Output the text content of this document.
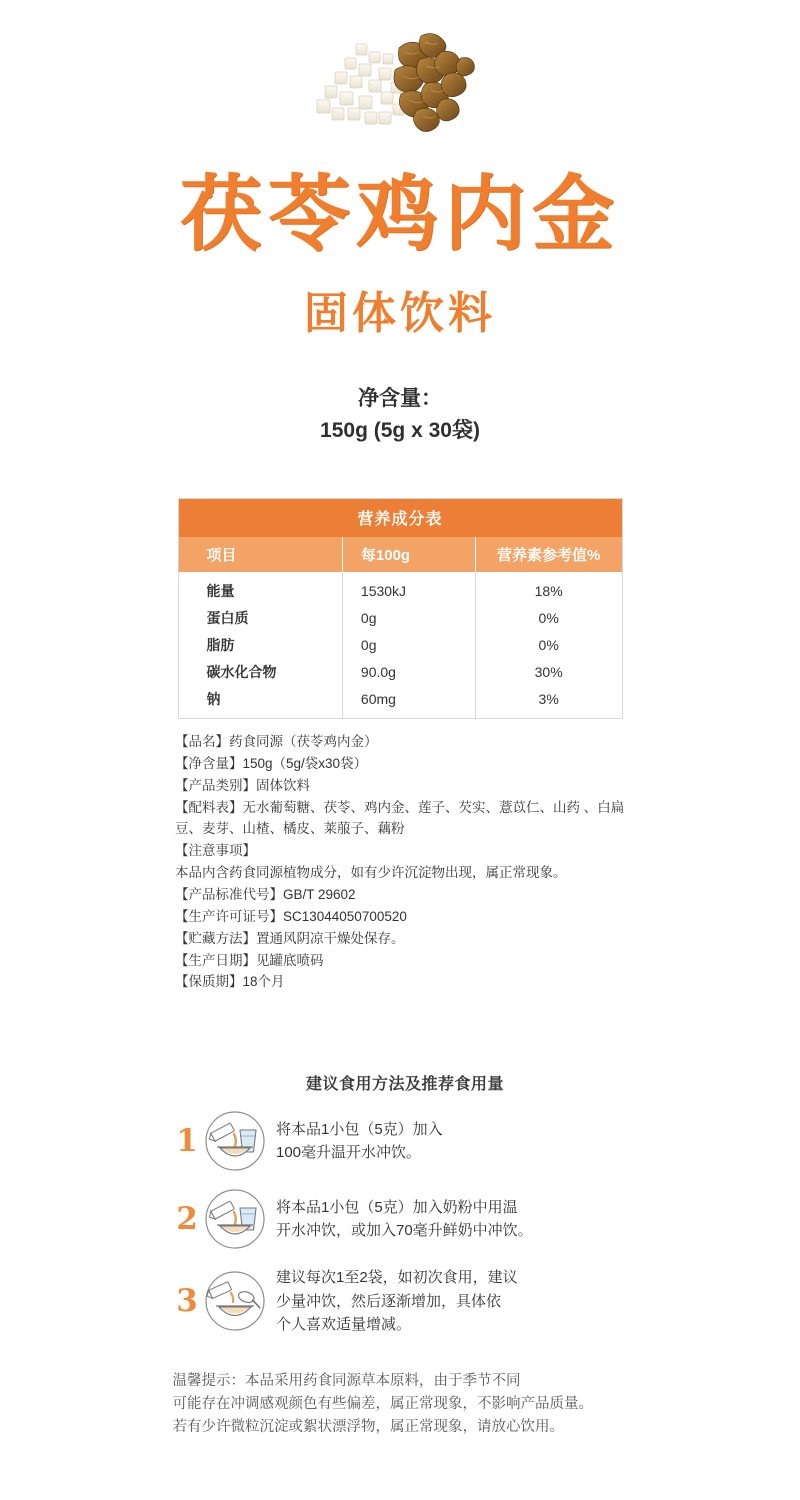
茯苓鸡内金
固体饮料
净含量：
150g (5g x 30袋)
营养成分表
项目	每100g	营养素参考值%
能量	1530kJ	18%
蛋白质	0g	0%
脂肪	0g	0%
碳水化合物	90.0g	30%
钠	60mg	3%

【品名】药食同源（茯苓鸡内金）

【净含量】150g（5g/袋x30袋）

【产品类别】固体饮料

【配料表】无水葡萄糖、茯苓、鸡内金、莲子、芡实、薏苡仁、山药 、白扁

豆、麦芽、山楂、橘皮、莱菔子、藕粉

【注意事项】

本品内含药食同源植物成分，如有少许沉淀物出现，属正常现象。

【产品标准代号】GB/T 29602

【生产许可证号】SC13044050700520

【贮藏方法】置通风阴凉干燥处保存。

【生产日期】见罐底喷码

【保质期】18个月

建议食用方法及推荐食用量
1	将本品1小包（5克）加入
100毫升温开水冲饮。
2	将本品1小包（5克）加入奶粉中用温
开水冲饮，或加入70毫升鲜奶中冲饮。
3
建议每次1至2袋，如初次食用，建议
少量冲饮，然后逐渐增加，具体依
个人喜欢适量增减。

温馨提示：本品采用药食同源草本原料，由于季节不同

可能存在冲调感观颜色有些偏差，属正常现象，不影响产品质量。

若有少许微粒沉淀或絮状漂浮物，属正常现象，请放心饮用。
